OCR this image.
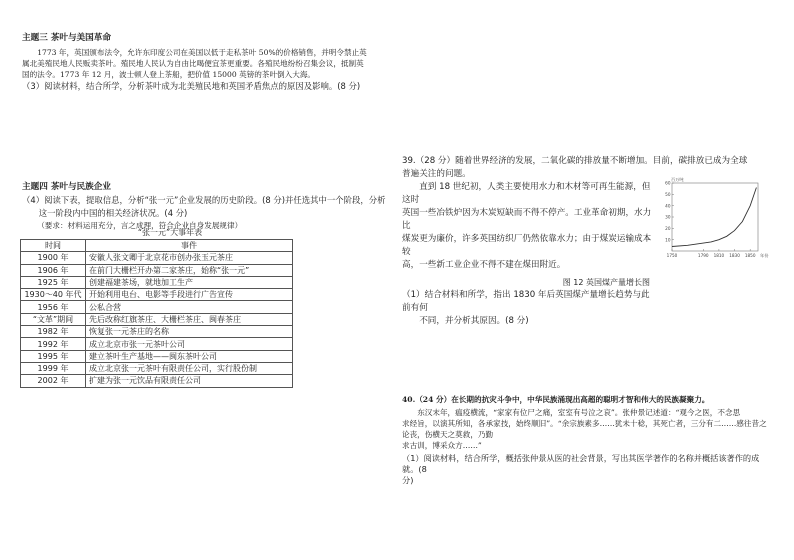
主题三 茶叶与美国革命

1773 年，英国颁布法令，允许东印度公司在美国以低于走私茶叶 50%的价格销售，并明令禁止英

属北美殖民地人民贩卖茶叶。殖民地人民认为自由比喝便宜茶更重要。各殖民地纷纷召集会议，抵制英

国的法令。1773 年 12 月，波士顿人登上茶船，把价值 15000 英镑的茶叶倒入大海。

（3）阅读材料，结合所学，分析茶叶成为北美殖民地和英国矛盾焦点的原因及影响。(8 分)

主题四 茶叶与民族企业

（4）阅读下表，提取信息，分析“张一元”企业发展的历史阶段。(8 分)并任选其中一个阶段，分析

这一阶段内中国的相关经济状况。(4 分)

（要求：材料运用充分，言之成理，符合企业自身发展规律）

“张一元”大事年表

时间	事件
1900 年	安徽人张文卿于北京花市创办张玉元茶庄
1906 年	在前门大栅栏开办第二家茶庄，始称“张一元”
1925 年	创建福建茶场，就地加工生产
1930～40 年代	开始利用电台、电影等手段进行广告宣传
1956 年	公私合营
“文革”期间	先后改称红旗茶庄、大栅栏茶庄、闽春茶庄
1982 年	恢复张一元茶庄的名称
1992 年	成立北京市张一元茶叶公司
1995 年	建立茶叶生产基地——闽东茶叶公司
1999 年	成立北京张一元茶叶有限责任公司，实行股份制
2002 年	扩建为张一元饮品有限责任公司

39.（28 分）随着世界经济的发展，二氧化碳的排放量不断增加。目前，碳排放已成为全球

普遍关注的问题。

直到 18 世纪初，人类主要使用水力和木材等可再生能源，但这时

英国一些冶铁炉因为木炭短缺而不得不停产。工业革命初期，水力比

煤炭更为廉价，许多英国纺织厂仍然依靠水力；由于煤炭运输成本较

高，一些新工业企业不得不建在煤田附近。

图 12 英国煤产量增长图

（1）结合材料和所学，指出 1830 年后英国煤产量增长趋势与此前有何

不同，并分析其原因。(8 分)

60
50
40
30
20
10
1750	1790 1810 1830 1850
百万吨
年份

40.（24 分）在长期的抗灾斗争中，中华民族涌现出高超的聪明才智和伟大的民族凝聚力。

东汉末年，瘟疫横流，“家家有位尸之痛，室室有号泣之哀”。张仲景记述道：“观今之医，不念思

求经旨，以演其所知，各承家技，始终顺旧”。“余宗族素多……犹未十稔，其死亡者，三分有二……感往昔之论丧，伤横天之莫救，乃勤

求古训，博采众方……”

（1）阅读材料，结合所学，概括张仲景从医的社会背景，写出其医学著作的名称并概括该著作的成就。(8

分)
